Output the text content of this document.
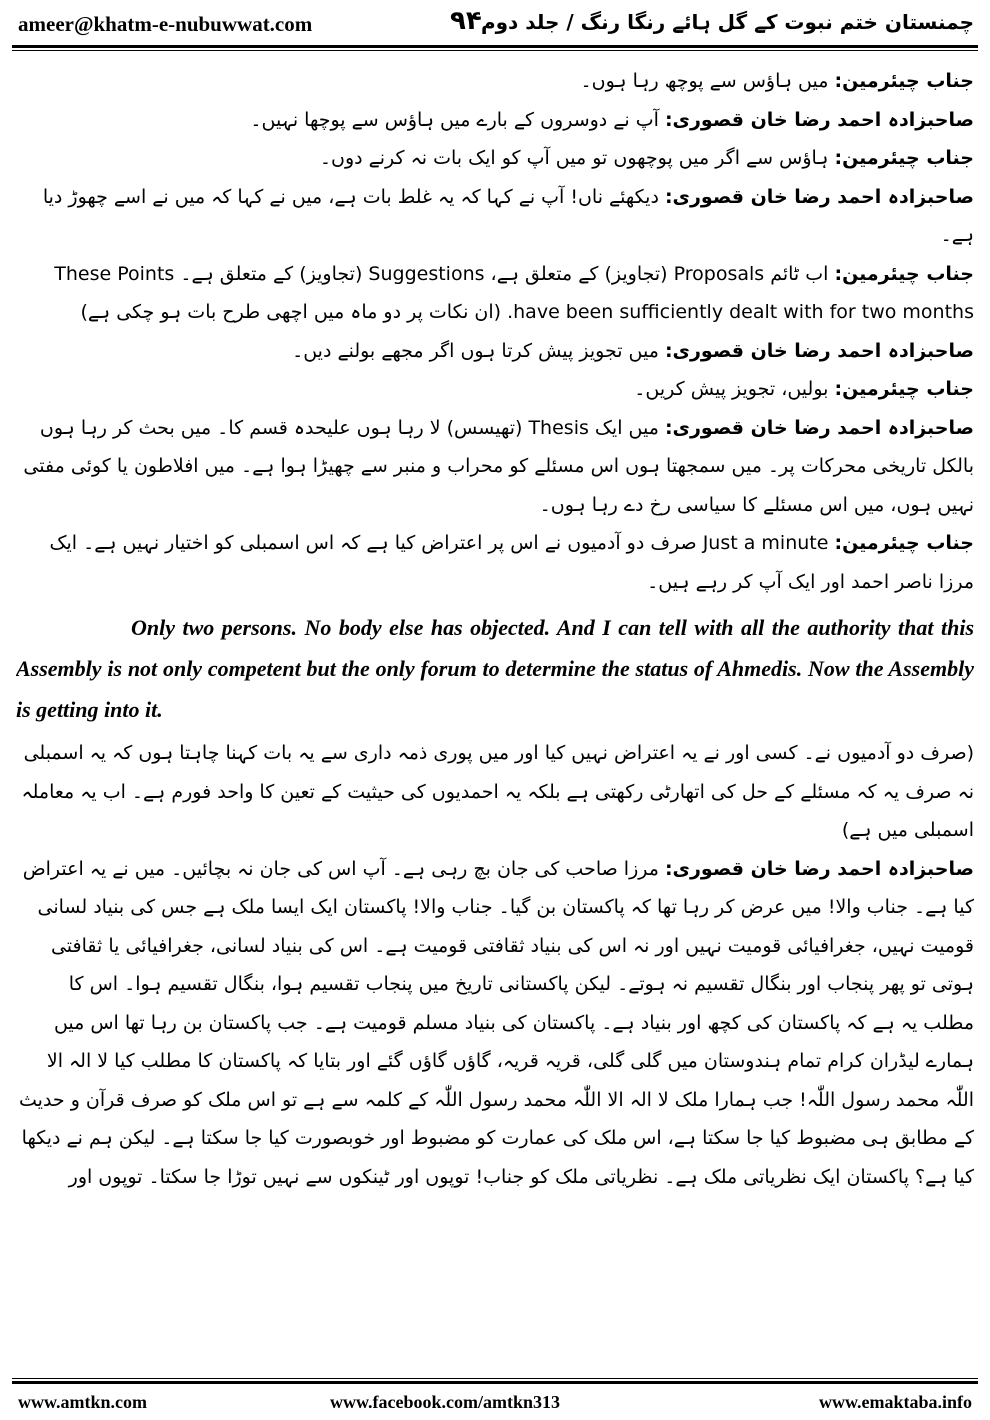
ameer@khatm-e-nubuwwat.com	۹۴ چمنستان ختم نبوت کے گل ہائے رنگا رنگ / جلد دوم

جناب چیئرمین: میں ہاؤس سے پوچھ رہا ہوں۔

صاحبزادہ احمد رضا خان قصوری: آپ نے دوسروں کے بارے میں ہاؤس سے پوچھا نہیں۔

جناب چیئرمین: ہاؤس سے اگر میں پوچھوں تو میں آپ کو ایک بات نہ کرنے دوں۔

صاحبزادہ احمد رضا خان قصوری: دیکھئے ناں! آپ نے کہا کہ یہ غلط بات ہے، میں نے کہا کہ میں نے اسے چھوڑ دیا ہے۔

جناب چیئرمین: اب ٹائم Proposals (تجاویز) کے متعلق ہے، Suggestions (تجاویز) کے متعلق ہے۔ These Points have been sufficiently dealt with for two months. (ان نکات پر دو ماہ میں اچھی طرح بات ہو چکی ہے)

صاحبزادہ احمد رضا خان قصوری: میں تجویز پیش کرتا ہوں اگر مجھے بولنے دیں۔

جناب چیئرمین: بولیں، تجویز پیش کریں۔

صاحبزادہ احمد رضا خان قصوری: میں ایک Thesis (تھیسس) لا رہا ہوں علیحدہ قسم کا۔ میں بحث کر رہا ہوں بالکل تاریخی محرکات پر۔ میں سمجھتا ہوں اس مسئلے کو محراب و منبر سے چھیڑا ہوا ہے۔ میں افلاطون یا کوئی مفتی نہیں ہوں، میں اس مسئلے کا سیاسی رخ دے رہا ہوں۔

جناب چیئرمین: Just a minute صرف دو آدمیوں نے اس پر اعتراض کیا ہے کہ اس اسمبلی کو اختیار نہیں ہے۔ ایک مرزا ناصر احمد اور ایک آپ کر رہے ہیں۔

Only two persons. No body else has objected. And I can tell with all the authority that this Assembly is not only competent but the only forum to determine the status of Ahmedis. Now the Assembly is getting into it.

(صرف دو آدمیوں نے۔ کسی اور نے یہ اعتراض نہیں کیا اور میں پوری ذمہ داری سے یہ بات کہنا چاہتا ہوں کہ یہ اسمبلی نہ صرف یہ کہ مسئلے کے حل کی اتھارٹی رکھتی ہے بلکہ یہ احمدیوں کی حیثیت کے تعین کا واحد فورم ہے۔ اب یہ معاملہ اسمبلی میں ہے)

صاحبزادہ احمد رضا خان قصوری: مرزا صاحب کی جان بچ رہی ہے۔ آپ اس کی جان نہ بچائیں۔ میں نے یہ اعتراض کیا ہے۔ جناب والا! میں عرض کر رہا تھا کہ پاکستان بن گیا۔ جناب والا! پاکستان ایک ایسا ملک ہے جس کی بنیاد لسانی قومیت نہیں، جغرافیائی قومیت نہیں اور نہ اس کی بنیاد ثقافتی قومیت ہے۔ اس کی بنیاد لسانی، جغرافیائی یا ثقافتی ہوتی تو پھر پنجاب اور بنگال تقسیم نہ ہوتے۔ لیکن پاکستانی تاریخ میں پنجاب تقسیم ہوا، بنگال تقسیم ہوا۔ اس کا مطلب یہ ہے کہ پاکستان کی کچھ اور بنیاد ہے۔ پاکستان کی بنیاد مسلم قومیت ہے۔ جب پاکستان بن رہا تھا اس میں ہمارے لیڈران کرام تمام ہندوستان میں گلی گلی، قریہ قریہ، گاؤں گاؤں گئے اور بتایا کہ پاکستان کا مطلب کیا لا الہ الا اللّٰہ محمد رسول اللّٰہ! جب ہمارا ملک لا الہ الا اللّٰہ محمد رسول اللّٰہ کے کلمہ سے ہے تو اس ملک کو صرف قرآن و حدیث کے مطابق ہی مضبوط کیا جا سکتا ہے، اس ملک کی عمارت کو مضبوط اور خوبصورت کیا جا سکتا ہے۔ لیکن ہم نے دیکھا کیا ہے؟ پاکستان ایک نظریاتی ملک ہے۔ نظریاتی ملک کو جناب! توپوں اور ٹینکوں سے نہیں توڑا جا سکتا۔ توپوں اور

www.amtkn.com	www.facebook.com/amtkn313	www.emaktaba.info
